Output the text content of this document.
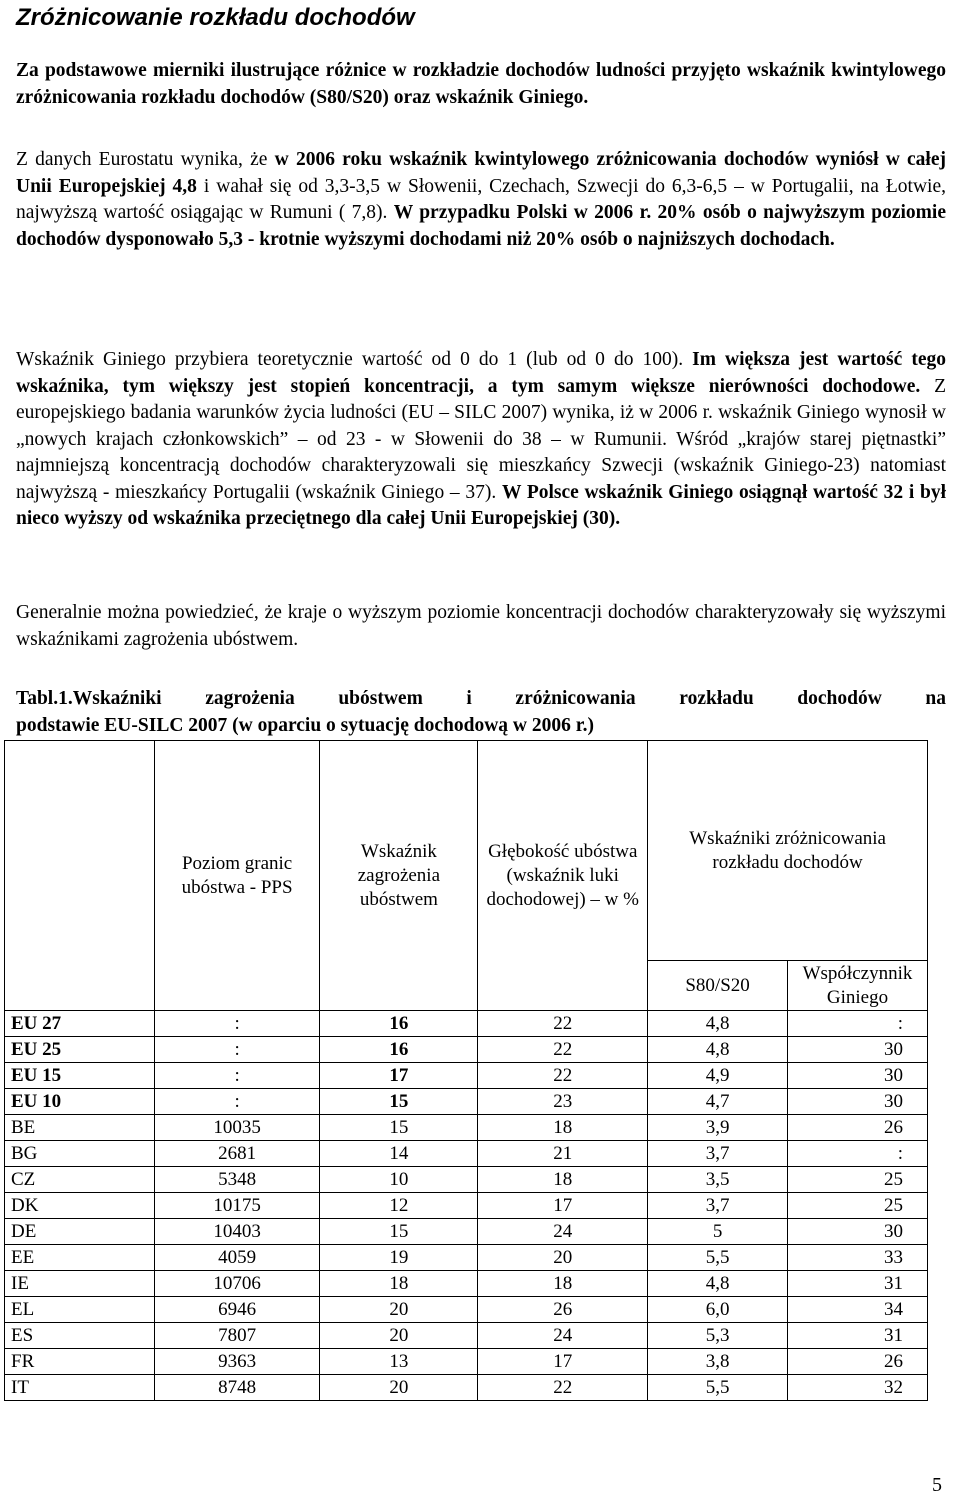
Zróżnicowanie rozkładu dochodów

Za podstawowe mierniki ilustrujące różnice w rozkładzie dochodów ludności przyjęto wskaźnik kwintylowego zróżnicowania rozkładu dochodów (S80/S20) oraz wskaźnik Giniego.

Z danych Eurostatu wynika, że w 2006 roku wskaźnik kwintylowego zróżnicowania dochodów wyniósł w całej Unii Europejskiej 4,8 i wahał się od 3,3-3,5 w Słowenii, Czechach, Szwecji do 6,3-6,5 – w Portugalii, na Łotwie, najwyższą wartość osiągając w Rumuni ( 7,8). W przypadku Polski w 2006 r. 20% osób o najwyższym poziomie dochodów dysponowało 5,3 - krotnie wyższymi dochodami niż 20% osób o najniższych dochodach.

Wskaźnik Giniego przybiera teoretycznie wartość od 0 do 1 (lub od 0 do 100). Im większa jest wartość tego wskaźnika, tym większy jest stopień koncentracji, a tym samym większe nierówności dochodowe. Z europejskiego badania warunków życia ludności (EU – SILC 2007) wynika, iż w 2006 r. wskaźnik Giniego wynosił w „nowych krajach członkowskich” – od 23 - w Słowenii do 38 – w Rumunii. Wśród „krajów starej piętnastki” najmniejszą koncentracją dochodów charakteryzowali się mieszkańcy Szwecji (wskaźnik Giniego-23) natomiast najwyższą - mieszkańcy Portugalii (wskaźnik Giniego – 37). W Polsce wskaźnik Giniego osiągnął wartość 32 i był nieco wyższy od wskaźnika przeciętnego dla całej Unii Europejskiej (30).

Generalnie można powiedzieć, że kraje o wyższym poziomie koncentracji dochodów charakteryzowały się wyższymi wskaźnikami zagrożenia ubóstwem.

Tabl.1.Wskaźniki zagrożenia ubóstwem i zróżnicowania rozkładu dochodów na
podstawie EU-SILC 2007 (w oparciu o sytuację dochodową w 2006 r.)

	Poziom granic ubóstwa - PPS	Wskaźnik zagrożenia ubóstwem	Głębokość ubóstwa (wskaźnik luki dochodowej) – w %	Wskaźniki zróżnicowania rozkładu dochodów	
				S80/S20	Współczynnik Giniego
EU 27	:	16	22	4,8	:
EU 25	:	16	22	4,8	30
EU 15	:	17	22	4,9	30
EU 10	:	15	23	4,7	30
BE	10035	15	18	3,9	26
BG	2681	14	21	3,7	:
CZ	5348	10	18	3,5	25
DK	10175	12	17	3,7	25
DE	10403	15	24	5	30
EE	4059	19	20	5,5	33
IE	10706	18	18	4,8	31
EL	6946	20	26	6,0	34
ES	7807	20	24	5,3	31
FR	9363	13	17	3,8	26
IT	8748	20	22	5,5	32
5
